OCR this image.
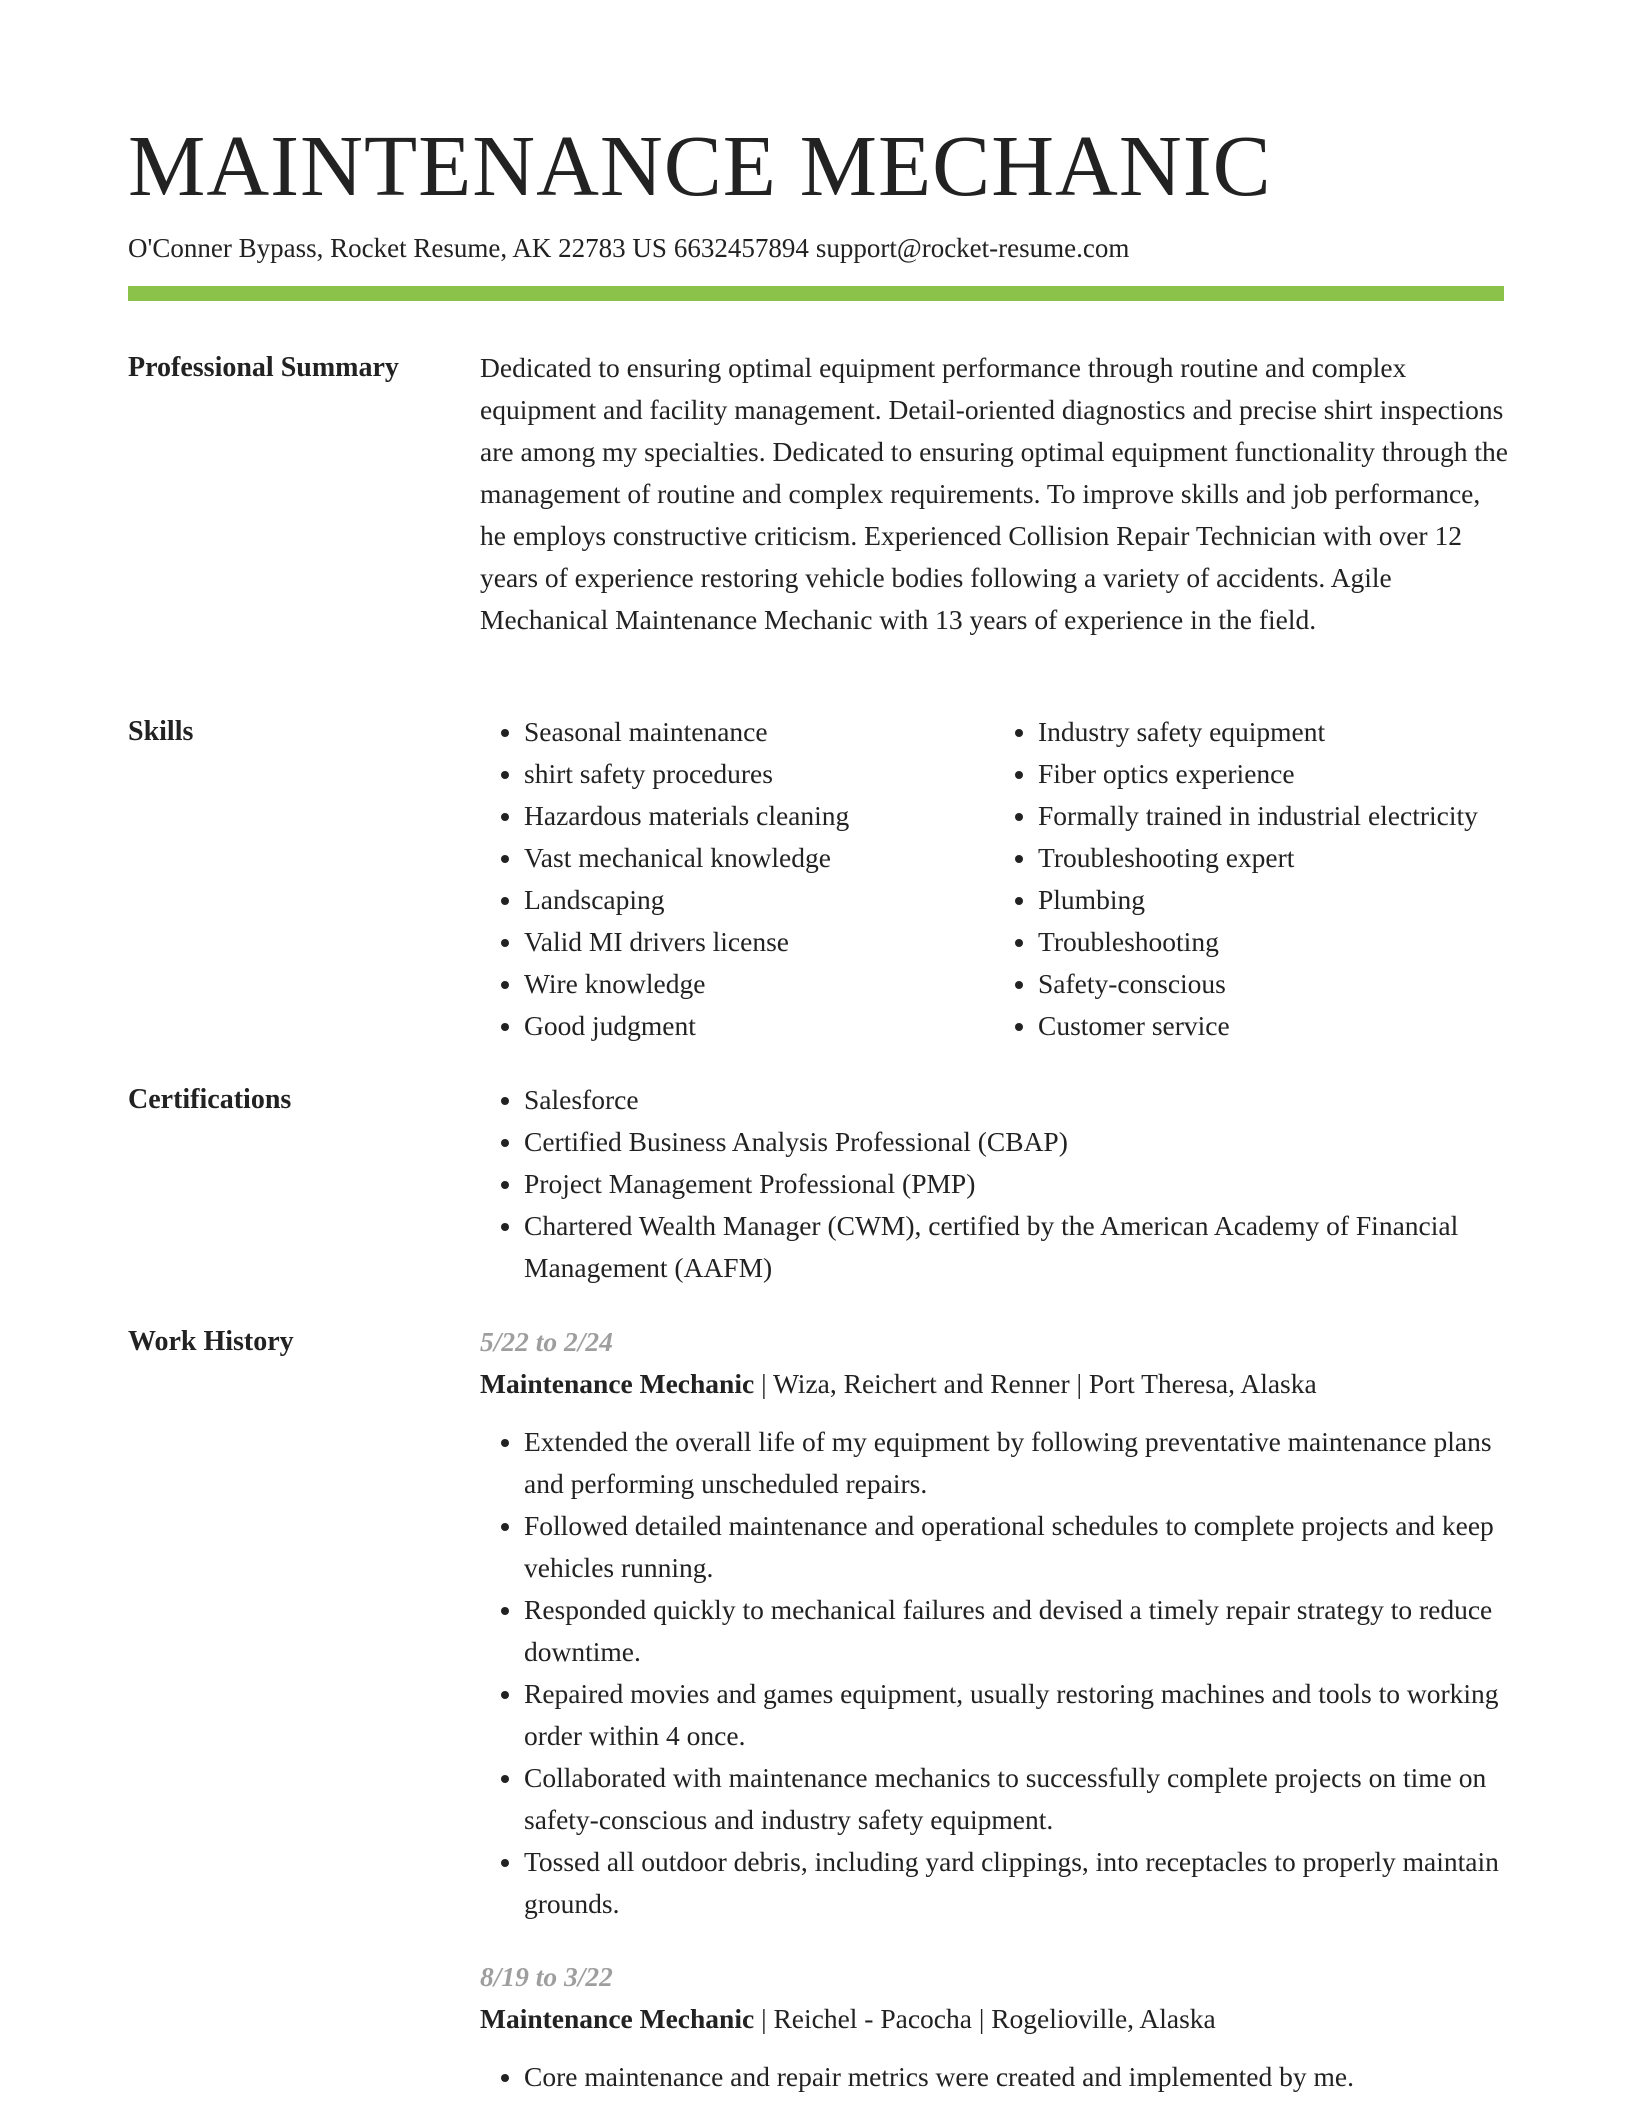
MAINTENANCE MECHANIC
O'Conner Bypass, Rocket Resume, AK 22783 US 6632457894 support@rocket-resume.com
Professional Summary	Dedicated to ensuring optimal equipment performance through routine and complex equipment and facility management. Detail-oriented diagnostics and precise shirt inspections are among my specialties. Dedicated to ensuring optimal equipment functionality through the management of routine and complex requirements. To improve skills and job performance, he employs constructive criticism. Experienced Collision Repair Technician with over 12 years of experience restoring vehicle bodies following a variety of accidents. Agile Mechanical Maintenance Mechanic with 13 years of experience in the field.

Skills	• Seasonal maintenance
• shirt safety procedures
• Hazardous materials cleaning
• Vast mechanical knowledge
• Landscaping
• Valid MI drivers license
• Wire knowledge
• Good judgment
• Industry safety equipment
• Fiber optics experience
• Formally trained in industrial electricity
• Troubleshooting expert
• Plumbing
• Troubleshooting
• Safety-conscious
• Customer service
Certifications	• Salesforce
• Certified Business Analysis Professional (CBAP)
• Project Management Professional (PMP)
• Chartered Wealth Manager (CWM), certified by the American Academy of Financial Management (AAFM)
Work History	5/22 to 2/24
Maintenance Mechanic | Wiza, Reichert and Renner | Port Theresa, Alaska
• Extended the overall life of my equipment by following preventative maintenance plans and performing unscheduled repairs.
• Followed detailed maintenance and operational schedules to complete projects and keep vehicles running.
• Responded quickly to mechanical failures and devised a timely repair strategy to reduce downtime.
• Repaired movies and games equipment, usually restoring machines and tools to working order within 4 once.
• Collaborated with maintenance mechanics to successfully complete projects on time on safety-conscious and industry safety equipment.
• Tossed all outdoor debris, including yard clippings, into receptacles to properly maintain grounds.
8/19 to 3/22
Maintenance Mechanic | Reichel - Pacocha | Rogelioville, Alaska
• Core maintenance and repair metrics were created and implemented by me.
